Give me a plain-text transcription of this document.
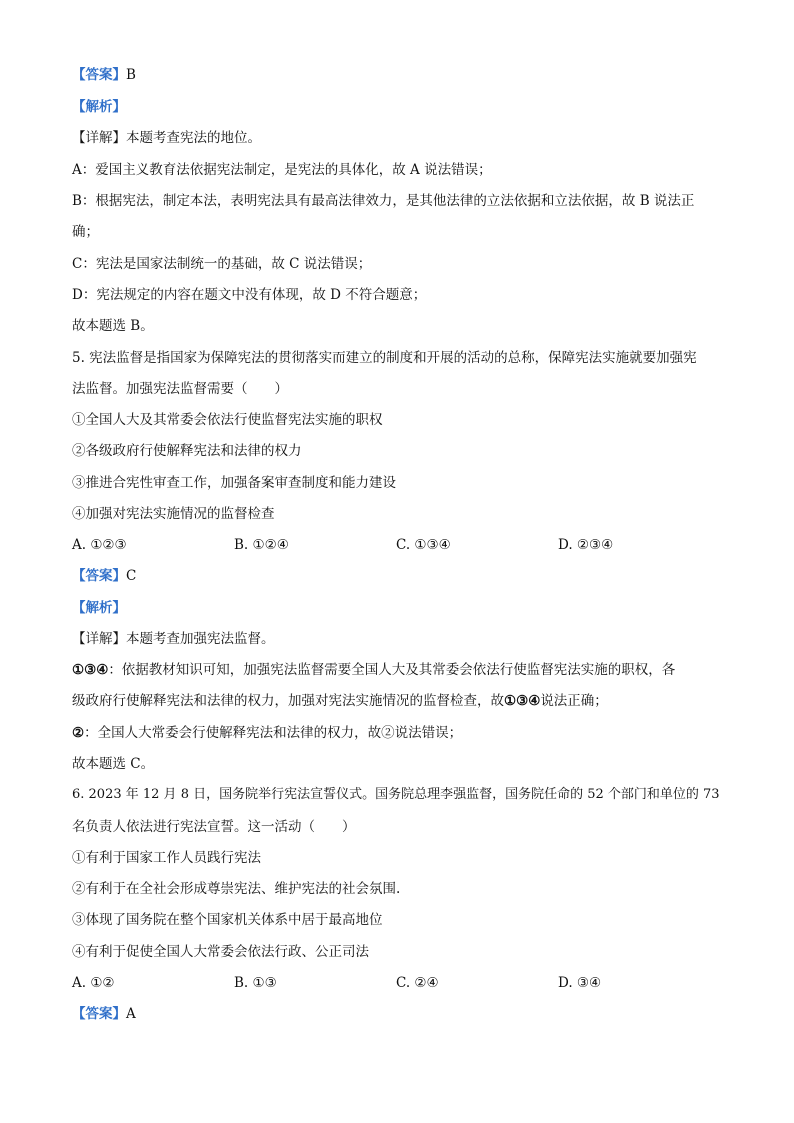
【答案】B
【解析】
【详解】本题考查宪法的地位。
A：爱国主义教育法依据宪法制定，是宪法的具体化，故 A 说法错误；
B：根据宪法，制定本法，表明宪法具有最高法律效力，是其他法律的立法依据和立法依据，故 B 说法正
确；
C：宪法是国家法制统一的基础，故 C 说法错误；
D：宪法规定的内容在题文中没有体现，故 D 不符合题意；
故本题选 B。
5. 宪法监督是指国家为保障宪法的贯彻落实而建立的制度和开展的活动的总称，保障宪法实施就要加强宪
法监督。加强宪法监督需要（　　）
①全国人大及其常委会依法行使监督宪法实施的职权
②各级政府行使解释宪法和法律的权力
③推进合宪性审查工作，加强备案审查制度和能力建设
④加强对宪法实施情况的监督检查
A. ①②③	B. ①②④	C. ①③④	D. ②③④
【答案】C
【解析】
【详解】本题考查加强宪法监督。
①③④：依据教材知识可知，加强宪法监督需要全国人大及其常委会依法行使监督宪法实施的职权，各
级政府行使解释宪法和法律的权力，加强对宪法实施情况的监督检查，故①③④说法正确；
②：全国人大常委会行使解释宪法和法律的权力，故②说法错误；
故本题选 C。
6. 2023 年 12 月 8 日，国务院举行宪法宣誓仪式。国务院总理李强监督，国务院任命的 52 个部门和单位的 73
名负责人依法进行宪法宣誓。这一活动（　　）
①有利于国家工作人员践行宪法
②有利于在全社会形成尊崇宪法、维护宪法的社会氛围.
③体现了国务院在整个国家机关体系中居于最高地位
④有利于促使全国人大常委会依法行政、公正司法
A. ①②	B. ①③	C. ②④	D. ③④
【答案】A
